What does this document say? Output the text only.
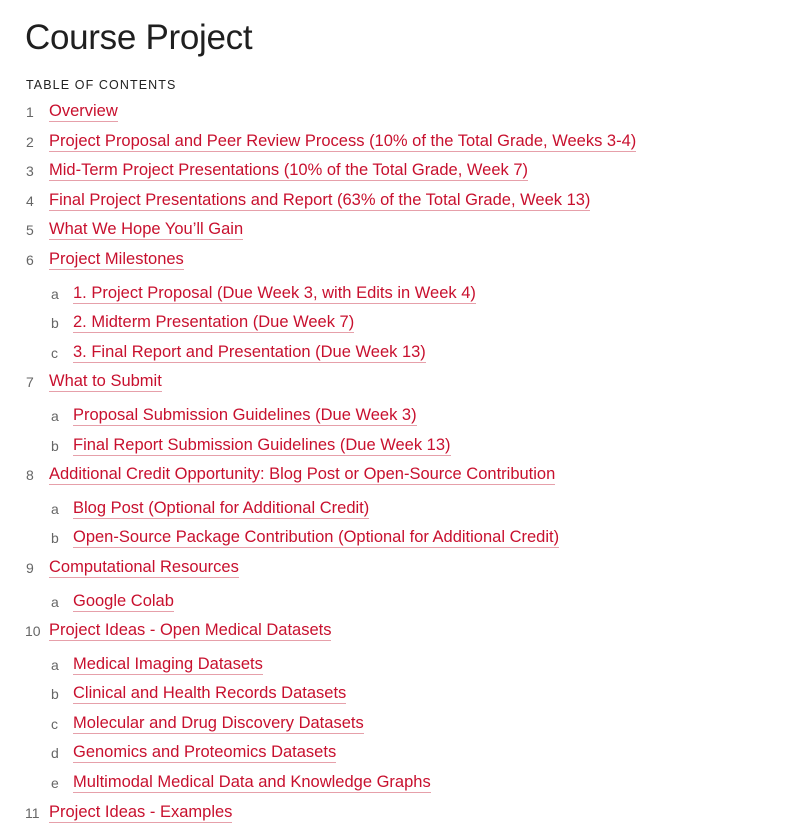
Course Project
TABLE OF CONTENTS
1 Overview
2 Project Proposal and Peer Review Process (10% of the Total Grade, Weeks 3-4)
3 Mid-Term Project Presentations (10% of the Total Grade, Week 7)
4 Final Project Presentations and Report (63% of the Total Grade, Week 13)
5 What We Hope You’ll Gain
6 Project Milestones
a 1. Project Proposal (Due Week 3, with Edits in Week 4)
b 2. Midterm Presentation (Due Week 7)
c 3. Final Report and Presentation (Due Week 13)
7 What to Submit
a Proposal Submission Guidelines (Due Week 3)
b Final Report Submission Guidelines (Due Week 13)
8 Additional Credit Opportunity: Blog Post or Open-Source Contribution
a Blog Post (Optional for Additional Credit)
b Open-Source Package Contribution (Optional for Additional Credit)
9 Computational Resources
a Google Colab
10 Project Ideas - Open Medical Datasets
a Medical Imaging Datasets
b Clinical and Health Records Datasets
c Molecular and Drug Discovery Datasets
d Genomics and Proteomics Datasets
e Multimodal Medical Data and Knowledge Graphs
11 Project Ideas - Examples
